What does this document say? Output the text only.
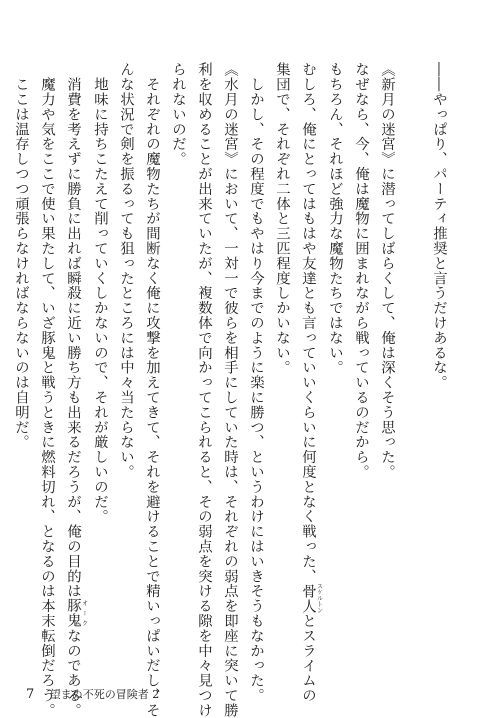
――やっぱり、パーティ推奨と言うだけあるな。

《新月の迷宮》に潜ってしばらくして、俺は深くそう思った。

なぜなら、今、俺は魔物に囲まれながら戦っているのだから。

もちろん、それほど強力な魔物たちではない。

むしろ、俺にとってはもはや友達とも言っていいくらいに何度となく戦った、骨人 スケルトンとスライムの

集団で、それぞれ二体と三匹程度しかいない。

　しかし、その程度でもやはり今までのように楽に勝つ、というわけにはいきそうもなかった。

《水月の迷宮》において、一対一で彼らを相手にしていた時は、それぞれの弱点を即座に突いて勝

利を収めることが出来ていたが、複数体で向かってこられると、その弱点を突ける隙を中々見つけ

られないのだ。

　それぞれの魔物たちが間断なく俺に攻撃を加えてきて、それを避けることで精いっぱいだし、そ

んな状況で剣を振るっても狙ったところには中々当たらない。

　地味に持ちこたえて削っていくしかないので、それが厳しいのだ。

　消費を考えずに勝負に出れば瞬殺に近い勝ち方も出来るだろうが、俺の目的は豚鬼 オークなのである。

　魔力や気をここで使い果たして、いざ豚鬼と戦うときに燃料切れ、となるのは本末転倒だろう。

　ここは温存しつつ頑張らなければならないのは自明だ。

7 望まぬ不死の冒険者 2
